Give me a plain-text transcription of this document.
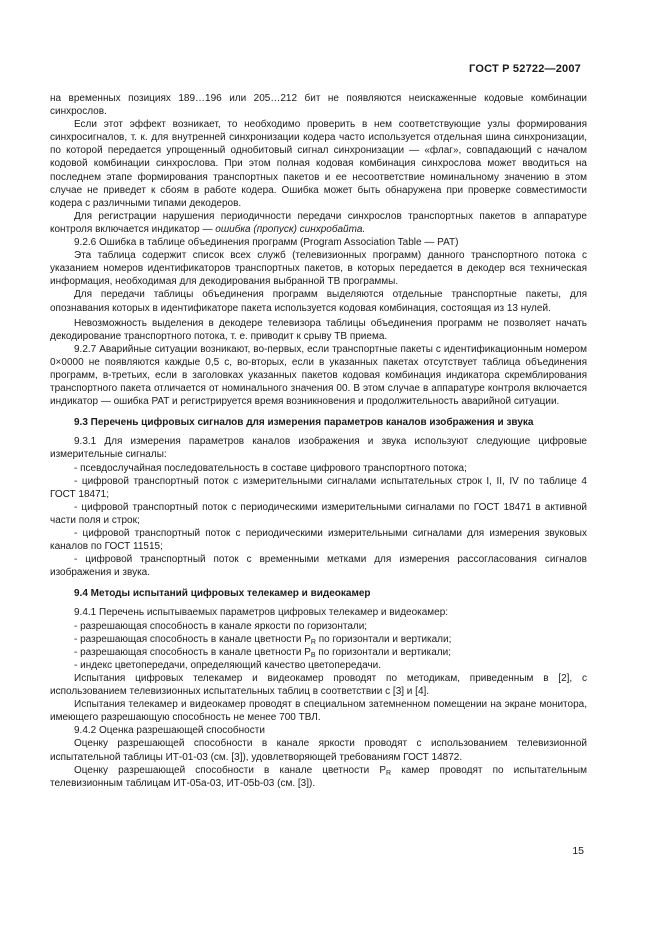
ГОСТ Р 52722—2007

на временных позициях 189…196 или 205…212 бит не появляются неискаженные кодовые комбинации синхрослов.

Если этот эффект возникает, то необходимо проверить в нем соответствующие узлы формирования синхросигналов, т. к. для внутренней синхронизации кодера часто используется отдельная шина синхронизации, по которой передается упрощенный однобитовый сигнал синхронизации — «флаг», совпадающий с началом кодовой комбинации синхрослова. При этом полная кодовая комбинация синхрослова может вводиться на последнем этапе формирования транспортных пакетов и ее несоответствие номинальному значению в этом случае не приведет к сбоям в работе кодера. Ошибка может быть обнаружена при проверке совместимости кодера с различными типами декодеров.

Для регистрации нарушения периодичности передачи синхрослов транспортных пакетов в аппаратуре контроля включается индикатор — ошибка (пропуск) синхробайта.

9.2.6 Ошибка в таблице объединения программ (Program Association Table — PAT)

Эта таблица содержит список всех служб (телевизионных программ) данного транспортного потока с указанием номеров идентификаторов транспортных пакетов, в которых передается в декодер вся техническая информация, необходимая для декодирования выбранной ТВ программы.

Для передачи таблицы объединения программ выделяются отдельные транспортные пакеты, для опознавания которых в идентификаторе пакета используется кодовая комбинация, состоящая из 13 нулей.

Невозможность выделения в декодере телевизора таблицы объединения программ не позволяет начать декодирование транспортного потока, т. е. приводит к срыву ТВ приема.

9.2.7 Аварийные ситуации возникают, во-первых, если транспортные пакеты с идентификационным номером 0×0000 не появляются каждые 0,5 с, во-вторых, если в указанных пакетах отсутствует таблица объединения программ, в-третьих, если в заголовках указанных пакетов кодовая комбинация индикатора скремблирования транспортного пакета отличается от номинального значения 00. В этом случае в аппаратуре контроля включается индикатор — ошибка PAT и регистрируется время возникновения и продолжительность аварийной ситуации.

9.3 Перечень цифровых сигналов для измерения параметров каналов изображения и звука

9.3.1 Для измерения параметров каналов изображения и звука используют следующие цифровые измерительные сигналы:

- псевдослучайная последовательность в составе цифрового транспортного потока;

- цифровой транспортный поток с измерительными сигналами испытательных строк I, II, IV по таблице 4 ГОСТ 18471;

- цифровой транспортный поток с периодическими измерительными сигналами по ГОСТ 18471 в активной части поля и строк;

- цифровой транспортный поток с периодическими измерительными сигналами для измерения звуковых каналов по ГОСТ 11515;

- цифровой транспортный поток с временными метками для измерения рассогласования сигналов изображения и звука.

9.4 Методы испытаний цифровых телекамер и видеокамер

9.4.1 Перечень испытываемых параметров цифровых телекамер и видеокамер:

- разрешающая способность в канале яркости по горизонтали;

- разрешающая способность в канале цветности $P_R$ по горизонтали и вертикали;

- разрешающая способность в канале цветности $P_B$ по горизонтали и вертикали;

- индекс цветопередачи, определяющий качество цветопередачи.

Испытания цифровых телекамер и видеокамер проводят по методикам, приведенным в [2], с использованием телевизионных испытательных таблиц в соответствии с [3] и [4].

Испытания телекамер и видеокамер проводят в специальном затемненном помещении на экране монитора, имеющего разрешающую способность не менее 700 ТВЛ.

9.4.2 Оценка разрешающей способности

Оценку разрешающей способности в канале яркости проводят с использованием телевизионной испытательной таблицы ИТ-01-03 (см. [3]), удовлетворяющей требованиям ГОСТ 14872.

Оценку разрешающей способности в канале цветности $P_R$ камер проводят по испытательным телевизионным таблицам ИТ-05а-03, ИТ-05b-03 (см. [3]).

15
